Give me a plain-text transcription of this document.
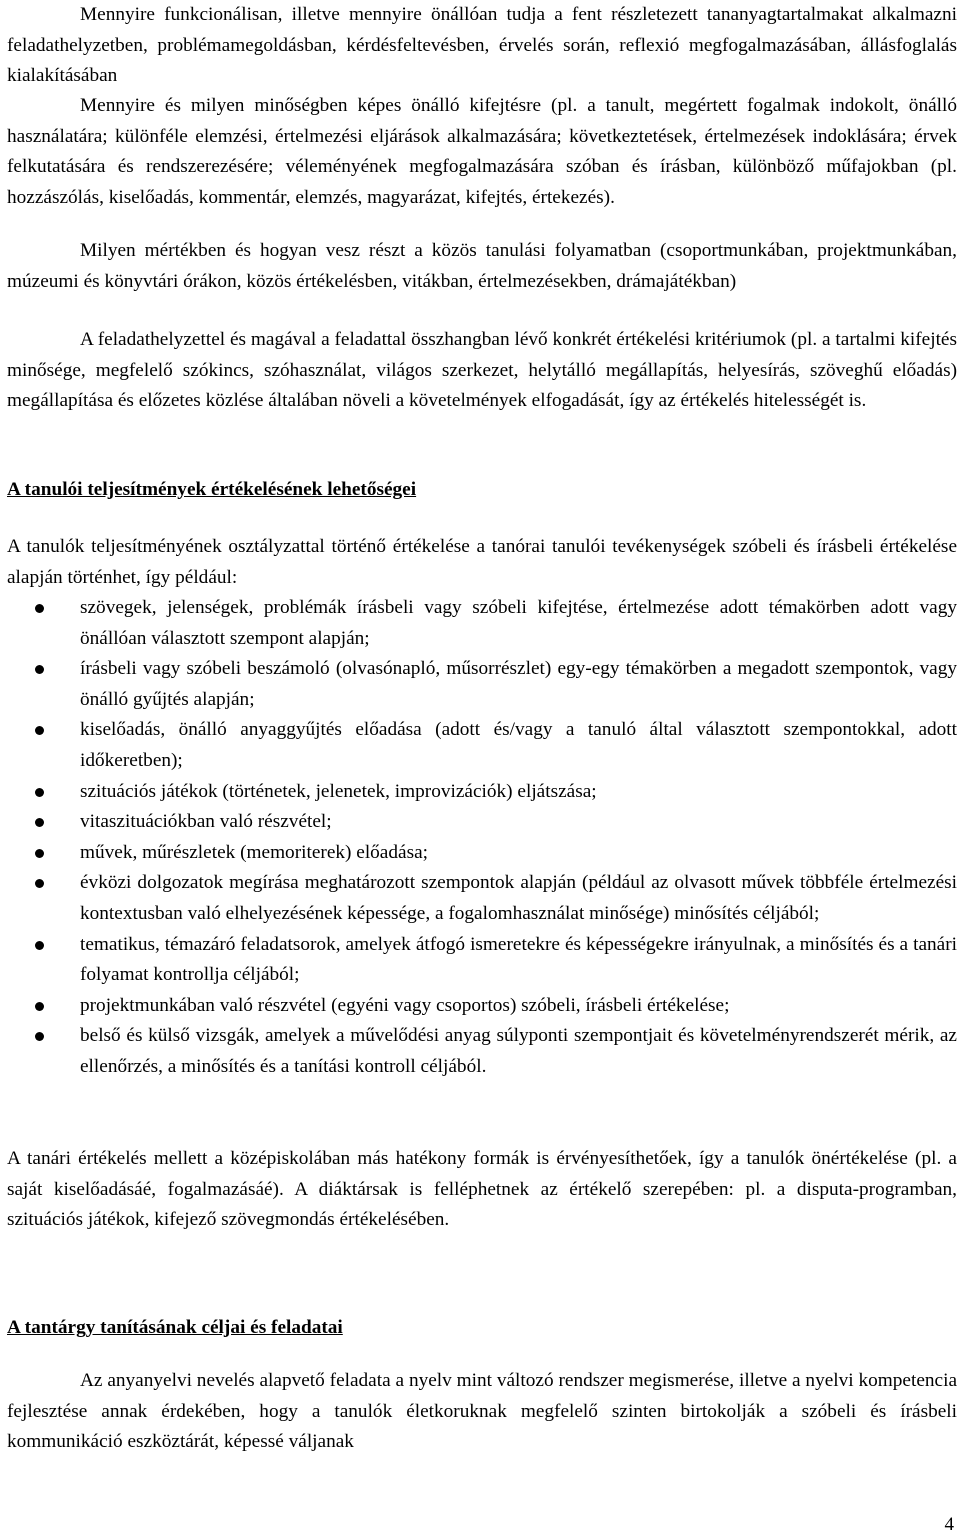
Mennyire funkcionálisan, illetve mennyire önállóan tudja a fent részletezett tananyagtartalmakat alkalmazni feladathelyzetben, problémamegoldásban, kérdésfeltevésben, érvelés során, reflexió megfogalmazásában, állásfoglalás kialakításában

Mennyire és milyen minőségben képes önálló kifejtésre (pl. a tanult, megértett fogalmak indokolt, önálló használatára; különféle elemzési, értelmezési eljárások alkalmazására; következtetések, értelmezések indoklására; érvek felkutatására és rendszerezésére; véleményének megfogalmazására szóban és írásban, különböző műfajokban (pl. hozzászólás, kiselőadás, kommentár, elemzés, magyarázat, kifejtés, értekezés).

Milyen mértékben és hogyan vesz részt a közös tanulási folyamatban (csoportmunkában, projektmunkában, múzeumi és könyvtári órákon, közös értékelésben, vitákban, értelmezésekben, drámajátékban)

A feladathelyzettel és magával a feladattal összhangban lévő konkrét értékelési kritériumok (pl. a tartalmi kifejtés minősége, megfelelő szókincs, szóhasználat, világos szerkezet, helytálló megállapítás, helyesírás, szöveghű előadás) megállapítása és előzetes közlése általában növeli a követelmények elfogadását, így az értékelés hitelességét is.

A tanulói teljesítmények értékelésének lehetőségei

A tanulók teljesítményének osztályzattal történő értékelése a tanórai tanulói tevékenységek szóbeli és írásbeli értékelése alapján történhet, így például:

szövegek, jelenségek, problémák írásbeli vagy szóbeli kifejtése, értelmezése adott témakörben adott vagy önállóan választott szempont alapján;
írásbeli vagy szóbeli beszámoló (olvasónapló, műsorrészlet) egy-egy témakörben a megadott szempontok, vagy önálló gyűjtés alapján;
kiselőadás, önálló anyaggyűjtés előadása (adott és/vagy a tanuló által választott szempontokkal, adott időkeretben);
szituációs játékok (történetek, jelenetek, improvizációk) eljátszása;
vitaszituációkban való részvétel;
művek, műrészletek (memoriterek) előadása;
évközi dolgozatok megírása meghatározott szempontok alapján (például az olvasott művek többféle értelmezési kontextusban való elhelyezésének képessége, a fogalomhasználat minősége) minősítés céljából;
tematikus, témazáró feladatsorok, amelyek átfogó ismeretekre és képességekre irányulnak, a minősítés és a tanári folyamat kontrollja céljából;
projektmunkában való részvétel (egyéni vagy csoportos) szóbeli, írásbeli értékelése;
belső és külső vizsgák, amelyek a művelődési anyag súlyponti szempontjait és követelményrendszerét mérik, az ellenőrzés, a minősítés és a tanítási kontroll céljából.

A tanári értékelés mellett a középiskolában más hatékony formák is érvényesíthetőek, így a tanulók önértékelése (pl. a saját kiselőadásáé, fogalmazásáé). A diáktársak is felléphetnek az értékelő szerepében: pl. a disputa-programban, szituációs játékok, kifejező szövegmondás értékelésében.

A tantárgy tanításának céljai és feladatai

Az anyanyelvi nevelés alapvető feladata a nyelv mint változó rendszer megismerése, illetve a nyelvi kompetencia fejlesztése annak érdekében, hogy a tanulók életkoruknak megfelelő szinten birtokolják a szóbeli és írásbeli kommunikáció eszköztárát, képessé váljanak

4
